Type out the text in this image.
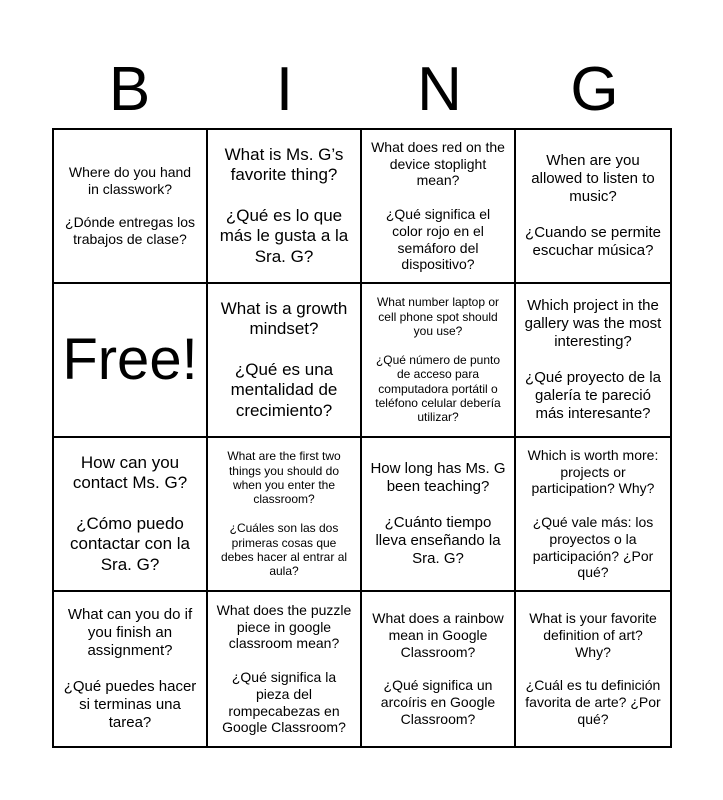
B	I	N	G
Where do you hand in classwork?

¿Dónde entregas los trabajos de clase?
What is Ms. G’s favorite thing?

¿Qué es lo que más le gusta a la Sra. G?
What does red on the device stoplight mean?

¿Qué significa el color rojo en el semáforo del dispositivo?
When are you allowed to listen to music?

¿Cuando se permite escuchar música?
Free!
What is a growth mindset?

¿Qué es una mentalidad de crecimiento?
What number laptop or cell phone spot should you use?

¿Qué número de punto de acceso para computadora portátil o teléfono celular debería utilizar?
Which project in the gallery was the most interesting?

¿Qué proyecto de la galería te pareció más interesante?
How can you contact Ms. G?

¿Cómo puedo contactar con la Sra. G?
What are the first two things you should do when you enter the classroom?

¿Cuáles son las dos primeras cosas que debes hacer al entrar al aula?
How long has Ms. G been teaching?

¿Cuánto tiempo lleva enseñando la Sra. G?
Which is worth more: projects or participation? Why?

¿Qué vale más: los proyectos o la participación? ¿Por qué?
What can you do if you finish an assignment?

¿Qué puedes hacer si terminas una tarea?
What does the puzzle piece in google classroom mean?

¿Qué significa la pieza del rompecabezas en Google Classroom?
What does a rainbow mean in Google Classroom?

¿Qué significa un arcoíris en Google Classroom?
What is your favorite definition of art? Why?

¿Cuál es tu definición favorita de arte? ¿Por qué?
